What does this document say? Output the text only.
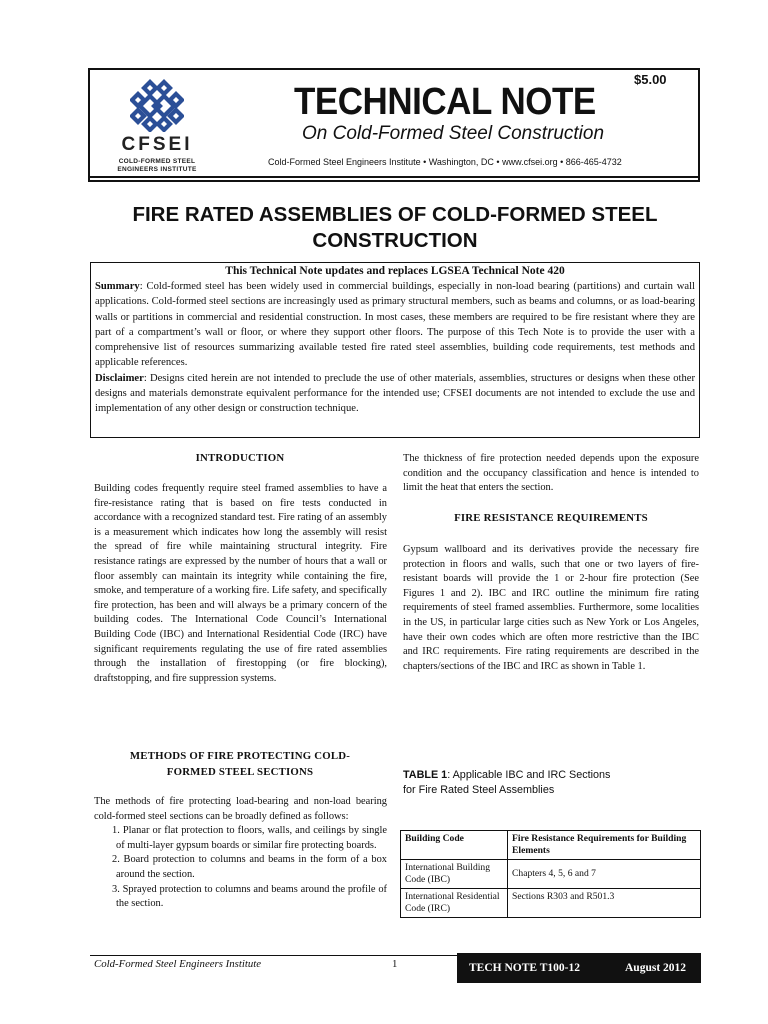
CFSEI
COLD-FORMED STEEL
ENGINEERS INSTITUTE
$5.00
TECHNICAL NOTE
On Cold-Formed Steel Construction
Cold-Formed Steel Engineers Institute • Washington, DC • www.cfsei.org • 866-465-4732
FIRE RATED ASSEMBLIES OF COLD-FORMED STEEL
CONSTRUCTION
This Technical Note updates and replaces LGSEA Technical Note 420
Summary: Cold-formed steel has been widely used in commercial buildings, especially in non-load bearing (partitions) and curtain wall applications. Cold-formed steel sections are increasingly used as primary structural members, such as beams and columns, or as load-bearing walls or partitions in commercial and residential construction. In most cases, these members are required to be fire resistant where they are part of a compartment’s wall or floor, or where they support other floors. The purpose of this Tech Note is to provide the user with a comprehensive list of resources summarizing available tested fire rated steel assemblies, building code requirements, test methods and applicable references.
Disclaimer: Designs cited herein are not intended to preclude the use of other materials, assemblies, structures or designs when these other designs and materials demonstrate equivalent performance for the intended use; CFSEI documents are not intended to exclude the use and implementation of any other design or construction technique.
INTRODUCTION
Building codes frequently require steel framed assemblies to have a fire-resistance rating that is based on fire tests conducted in accordance with a recognized standard test. Fire rating of an assembly is a measurement which indicates how long the assembly will resist the spread of fire while maintaining structural integrity. Fire resistance ratings are expressed by the number of hours that a wall or floor assembly can maintain its integrity while containing the fire, smoke, and temperature of a working fire. Life safety, and specifically fire protection, has been and will always be a primary concern of the building codes. The International Code Council’s International Building Code (IBC) and International Residential Code (IRC) have significant requirements regulating the use of fire rated assemblies through the installation of firestopping (or fire blocking), draftstopping, and fire suppression systems.
METHODS OF FIRE PROTECTING COLD-
FORMED STEEL SECTIONS
The methods of fire protecting load-bearing and non-load bearing cold-formed steel sections can be broadly defined as follows:
1. Planar or flat protection to floors, walls, and ceilings by single of multi-layer gypsum boards or similar fire protecting boards.
2. Board protection to columns and beams in the form of a box around the section.
3. Sprayed protection to columns and beams around the profile of the section.
The thickness of fire protection needed depends upon the exposure condition and the occupancy classification and hence is intended to limit the heat that enters the section.
FIRE RESISTANCE REQUIREMENTS
Gypsum wallboard and its derivatives provide the necessary fire protection in floors and walls, such that one or two layers of fire-resistant boards will provide the 1 or 2-hour fire protection (See Figures 1 and 2). IBC and IRC outline the minimum fire rating requirements of steel framed assemblies. Furthermore, some localities in the US, in particular large cities such as New York or Los Angeles, have their own codes which are often more restrictive than the IBC and IRC requirements. Fire rating requirements are described in the chapters/sections of the IBC and IRC as shown in Table 1.
TABLE 1: Applicable IBC and IRC Sections
for Fire Rated Steel Assemblies
Building Code	Fire Resistance Requirements for Building Elements
International Building Code (IBC)	Chapters 4, 5, 6 and 7
International Residential Code (IRC)	Sections R303 and R501.3
Cold-Formed Steel Engineers Institute	1	TECH NOTE T100-12	August 2012
